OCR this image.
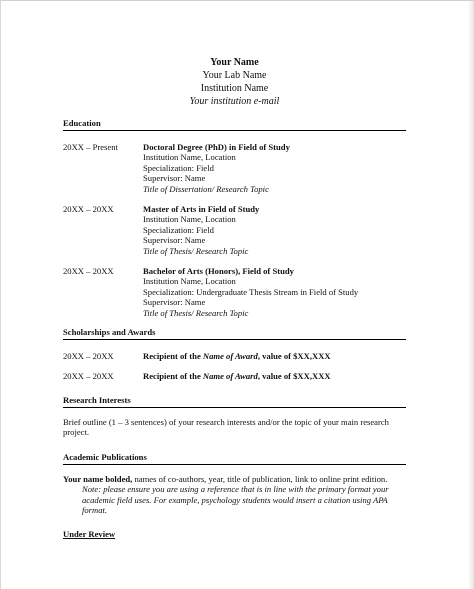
Your Name
Your Lab Name
Institution Name
Your institution e-mail
Education
20XX – Present	Doctoral Degree (PhD) in Field of Study
Institution Name, Location
Specialization: Field
Supervisor: Name
Title of Dissertation/ Research Topic
20XX – 20XX	Master of Arts in Field of Study
Institution Name, Location
Specialization: Field
Supervisor: Name
Title of Thesis/ Research Topic
20XX – 20XX	Bachelor of Arts (Honors), Field of Study
Institution Name, Location
Specialization: Undergraduate Thesis Stream in Field of Study
Supervisor: Name
Title of Thesis/ Research Topic
Scholarships and Awards
20XX – 20XX	Recipient of the Name of Award, value of $XX,XXX
20XX – 20XX	Recipient of the Name of Award, value of $XX,XXX
Research Interests
Brief outline (1 – 3 sentences) of your research interests and/or the topic of your main research project.
Academic Publications
Your name bolded, names of co-authors, year, title of publication, link to online print edition.
Note: please ensure you are using a reference that is in line with the primary format your academic field uses. For example, psychology students would insert a citation using APA format.
Under Review
